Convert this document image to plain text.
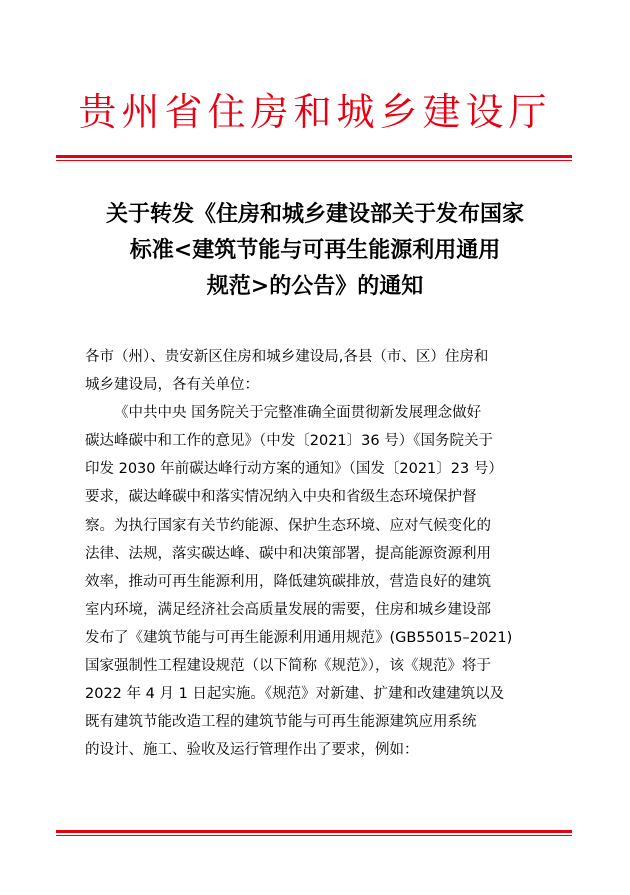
贵州省住房和城乡建设厅
关于转发《住房和城乡建设部关于发布国家
标准<建筑节能与可再生能源利用通用
规范>的公告》的通知
各市（州）、贵安新区住房和城乡建设局,各县（市、区）住房和
城乡建设局，各有关单位：
《中共中央 国务院关于完整准确全面贯彻新发展理念做好
碳达峰碳中和工作的意见》（中发〔2021〕36 号）《国务院关于
印发 2030 年前碳达峰行动方案的通知》（国发〔2021〕23 号）
要求，碳达峰碳中和落实情况纳入中央和省级生态环境保护督
察。为执行国家有关节约能源、保护生态环境、应对气候变化的
法律、法规，落实碳达峰、碳中和决策部署，提高能源资源利用
效率，推动可再生能源利用，降低建筑碳排放，营造良好的建筑
室内环境，满足经济社会高质量发展的需要，住房和城乡建设部
发布了《建筑节能与可再生能源利用通用规范》(GB55015–2021)
国家强制性工程建设规范（以下简称《规范》），该《规范》将于
2022 年 4 月 1 日起实施。《规范》对新建、扩建和改建建筑以及
既有建筑节能改造工程的建筑节能与可再生能源建筑应用系统
的设计、施工、验收及运行管理作出了要求，例如：
